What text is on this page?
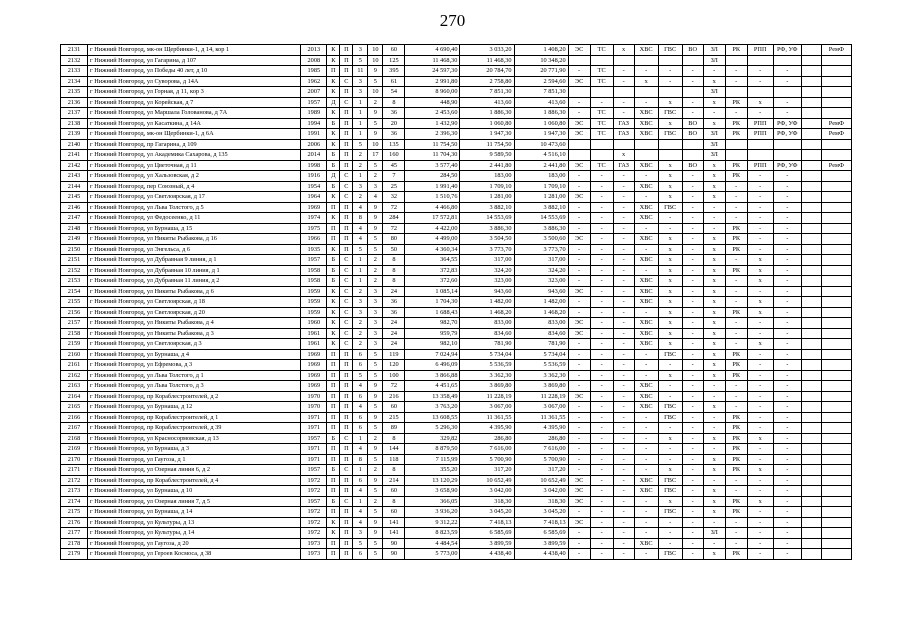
270
2131	г Нижний Новгород, мк-он Щербинки-1, д 14, кор 1	2013	К	П	3	10	60	4 690,40	3 033,20	1 408,20	ЭС	ТС	х	ХВС	ГВС	ВО	ЗЛ	РК	РПП	РФ, УФ		РемФ
2132	г Нижний Новгород, ул Гагарина, д 107	2008	К	П	5	10	125	11 468,30	11 468,30	10 348,20							ЗЛ					
2133	г Нижний Новгород, ул Победы 40 лет, д 10	1985	П	П	11	9	395	24 597,30	20 784,70	20 771,90	-	ТС	-	-	-	-	-	-	-	-		
2134	г Нижний Новгород, ул Суворова, д 14А	1962	К	С	3	5	61	2 991,80	2 758,80	2 594,60	ЭС	ТС	-	х	-	-	х	-	-	-		
2135	г Нижний Новгород, ул Горная, д 11, кор 3	2007	К	П	3	10	54	8 960,00	7 851,30	7 851,30							ЗЛ					
2136	г Нижний Новгород, ул Корейская, д 7	1957	Д	С	1	2	8	448,90	413,60	413,60	-	-	-	-	х	-	х	РК	х	-		
2137	г Нижний Новгород, ул Маршала Голованова, д 7А	1989	К	П	1	9	36	2 453,60	1 886,30	1 886,30	-	ТС	-	ХВС	ГВС	-	-	-	-	-		
2138	г Нижний Новгород, ул Касаткина, д 14А	1994	Б	П	1	5	20	1 432,90	1 060,80	1 060,80	ЭС	ТС	ГАЗ	ХВС	х	ВО	х	РК	РПП	РФ, УФ		РемФ
2139	г Нижний Новгород, мк-он Щербинки-1, д 6А	1991	К	П	1	9	36	2 396,30	1 947,30	1 947,30	ЭС	ТС	ГАЗ	ХВС	ГВС	ВО	ЗЛ	РК	РПП	РФ, УФ		РемФ
2140	г Нижний Новгород, пр Гагарина, д 109	2006	К	П	5	10	135	11 754,50	11 754,50	10 473,60							ЗЛ					
2141	г Нижний Новгород, ул Академика Сахарова, д 135	2014	Б	П	2	17	160	11 704,30	9 589,50	4 516,10			х				ЗЛ					
2142	г Нижний Новгород, ул Цветочная, д 11	1998	Б	П	2	5	45	3 577,40	2 441,80	2 441,80	ЭС	ТС	ГАЗ	ХВС	х	ВО	х	РК	РПП	РФ, УФ		РемФ
2143	г Нижний Новгород, ул Хальзовская, д 2	1916	Д	С	1	2	7	284,50	183,00	183,00	-	-	-	-	х	-	х	РК	-	-		
2144	г Нижний Новгород, пер Союзный, д 4	1954	Б	С	3	3	25	1 991,40	1 709,10	1 709,10	-	-	-	ХВС	х	-	х	-	-	-		
2145	г Нижний Новгород, ул Светлоярская, д 17	1964	К	С	2	4	32	1 510,76	1 281,00	1 281,00	ЭС	-	-	-	х	-	х	-	-	-		
2146	г Нижний Новгород, ул Льва Толстого, д 5	1969	П	П	4	9	72	4 466,80	3 882,10	3 882,10	-	-	-	ХВС	ГВС	-	-	-	-	-		
2147	г Нижний Новгород, ул Федосеенко, д 11	1974	К	П	8	9	284	17 572,81	14 553,69	14 553,69	-	-	-	ХВС	-	-	-	-	-	-		
2148	г Нижний Новгород, ул Бурнаша, д 15	1975	П	П	4	9	72	4 422,00	3 886,30	3 886,30	-	-	-	-	-	-	-	РК	-	-		
2149	г Нижний Новгород, ул Никиты Рыбакова, д 16	1966	П	П	4	5	80	4 499,00	3 504,50	3 500,60	ЭС	-	-	ХВС	х	-	х	РК	-	-		
2150	г Нижний Новгород, ул Энгельса, д 6	1935	К	П	5	5	50	4 360,34	3 773,70	3 773,70	-	-	-	-	х	-	х	РК	-	-		
2151	г Нижний Новгород, ул Дубравная 9 линия, д 1	1957	Б	С	1	2	8	364,55	317,00	317,00	-	-	-	ХВС	х	-	х	-	х	-		
2152	г Нижний Новгород, ул Дубравная 10 линия, д 1	1958	Б	С	1	2	8	372,83	324,20	324,20	-	-	-	-	х	-	х	РК	х	-		
2153	г Нижний Новгород, ул Дубравная 11 линия, д 2	1958	Б	С	1	2	8	372,60	323,00	323,00	-	-	-	ХВС	х	-	х	-	х	-		
2154	г Нижний Новгород, ул Никиты Рыбакова, д 6	1959	К	С	2	3	24	1 085,14	943,60	943,60	ЭС	-	-	ХВС	х	-	х	-	-	-		
2155	г Нижний Новгород, ул Светлоярская, д 18	1959	К	С	3	3	36	1 704,30	1 482,00	1 482,00	-	-	-	ХВС	х	-	х	-	х	-		
2156	г Нижний Новгород, ул Светлоярская, д 20	1959	К	С	3	3	36	1 688,43	1 468,20	1 468,20	-	-	-	-	х	-	х	РК	х	-		
2157	г Нижний Новгород, ул Никиты Рыбакова, д 4	1960	К	С	2	3	24	982,70	833,00	833,00	ЭС	-	-	ХВС	х	-	х	-	-	-		
2158	г Нижний Новгород, ул Никиты Рыбакова, д 3	1961	К	С	2	3	24	959,79	834,60	834,60	ЭС	-	-	ХВС	х	-	х	-	-	-		
2159	г Нижний Новгород, ул Светлоярская, д 3	1961	К	С	2	3	24	982,10	781,90	781,90	-	-	-	ХВС	х	-	х	-	х	-		
2160	г Нижний Новгород, ул Бурнаша, д 4	1969	П	П	6	5	119	7 024,94	5 734,04	5 734,04	-	-	-	-	ГВС	-	х	РК	-	-		
2161	г Нижний Новгород, ул Ефремова, д 3	1969	П	П	6	5	120	6 496,09	5 536,59	5 536,59	-	-	-	-	-	-	х	РК	-	-		
2162	г Нижний Новгород, ул Льва Толстого, д 1	1969	П	П	5	5	100	3 866,88	3 362,30	3 362,30	-	-	-	-	х	-	х	РК	-	-		
2163	г Нижний Новгород, ул Льва Толстого, д 3	1969	П	П	4	9	72	4 451,65	3 869,80	3 869,80	-	-	-	ХВС	-	-	-	-	-	-		
2164	г Нижний Новгород, пр Кораблестроителей, д 2	1970	П	П	6	9	216	13 358,49	11 228,19	11 228,19	ЭС	-	-	ХВС	-	-	-	-	-	-		
2165	г Нижний Новгород, ул Бурнаша, д 12	1970	П	П	4	5	60	3 763,20	3 067,00	3 067,00	-	-	-	ХВС	ГВС	-	х	-	-	-		
2166	г Нижний Новгород, пр Кораблестроителей, д 1	1971	П	П	6	9	215	13 608,55	11 361,55	11 361,55	-	-	-	-	ГВС	-	-	РК	-	-		
2167	г Нижний Новгород, пр Кораблестроителей, д 39	1971	П	П	6	5	89	5 296,30	4 395,90	4 395,90	-	-	-	-	-	-	-	РК	-	-		
2168	г Нижний Новгород, ул Красносормовская, д 13	1957	Б	С	1	2	8	329,82	286,80	286,80	-	-	-	-	х	-	х	РК	х	-		
2169	г Нижний Новгород, ул Бурнаша, д 3	1971	П	П	4	9	144	8 879,50	7 616,00	7 616,00	-	-	-	-	-	-	-	РК	-	-		
2170	г Нижний Новгород, ул Гаугоза, д 1	1971	П	П	8	5	118	7 115,99	5 700,90	5 700,90	-	-	-	-	-	-	х	РК	-	-		
2171	г Нижний Новгород, ул Озерная линия 6, д 2	1957	Б	С	1	2	8	355,20	317,20	317,20	-	-	-	-	х	-	х	РК	х	-		
2172	г Нижний Новгород, пр Кораблестроителей, д 4	1972	П	П	6	9	214	13 120,29	10 652,49	10 652,49	ЭС	-	-	ХВС	ГВС	-	-	-	-	-		
2173	г Нижний Новгород, ул Бурнаша, д 10	1972	П	П	4	5	60	3 658,90	3 042,00	3 042,00	ЭС	-	-	ХВС	ГВС	-	х	-	-	-		
2174	г Нижний Новгород, ул Озерная линия 7, д 5	1957	Б	С	1	2	8	366,05	318,30	318,30	ЭС	-	-	-	х	-	х	РК	х	-		
2175	г Нижний Новгород, ул Бурнаша, д 14	1972	П	П	4	5	60	3 936,20	3 045,20	3 045,20	-	-	-	-	ГВС	-	х	РК	-	-		
2176	г Нижний Новгород, ул Культуры, д 13	1972	К	П	4	9	141	9 312,22	7 418,13	7 418,13	ЭС	-	-	-	-	-	-	-	-	-		
2177	г Нижний Новгород, ул Культуры, д 14	1972	К	П	3	9	141	8 823,59	6 585,69	6 585,69	-	-	-	-	-	-	ЗЛ	-	-	-		
2178	г Нижний Новгород, ул Гаугоза, д 20	1973	П	П	5	5	90	4 484,54	3 899,59	3 899,59	-	-	-	ХВС	-	-	-	-	-	-		
2179	г Нижний Новгород, ул Героев Космоса, д 38	1973	П	П	6	5	90	5 773,00	4 438,40	4 438,40	-	-	-	-	ГВС	-	х	РК	-	-		
